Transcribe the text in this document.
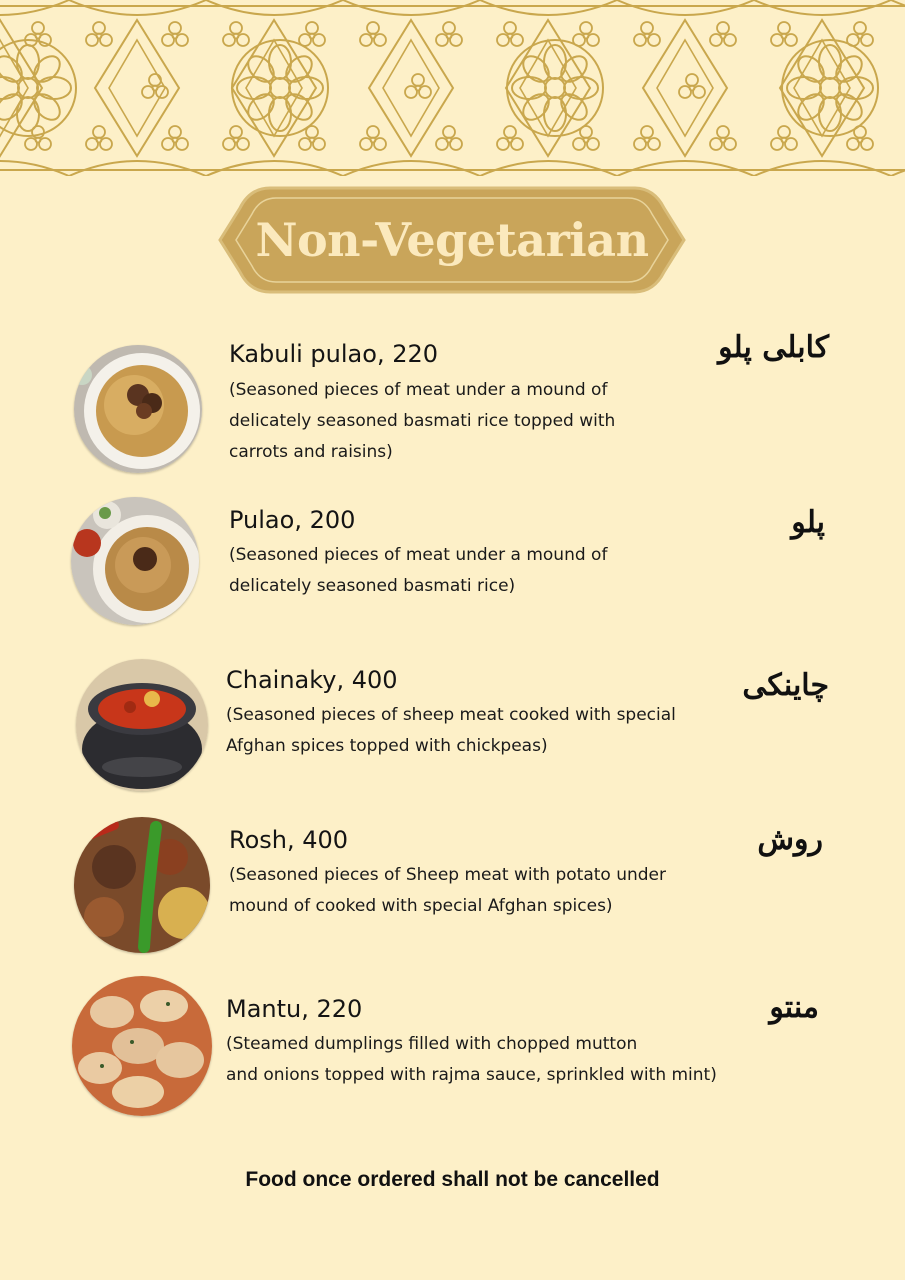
Non-Vegetarian
Kabuli pulao, 220
(Seasoned pieces of meat under a mound of
delicately seasoned basmati rice topped with
carrots and raisins)
کابلی پلو
Pulao, 200
(Seasoned pieces of meat under a mound of
delicately seasoned basmati rice)
پلو
Chainaky, 400
(Seasoned pieces of sheep meat cooked with special
Afghan spices topped with chickpeas)
چاینکی
Rosh, 400
(Seasoned pieces of Sheep meat with potato under
mound of cooked with special Afghan spices)
روش
Mantu, 220
(Steamed dumplings filled with chopped mutton
and onions topped with rajma sauce, sprinkled with mint)
منتو
Food once ordered shall not be cancelled
